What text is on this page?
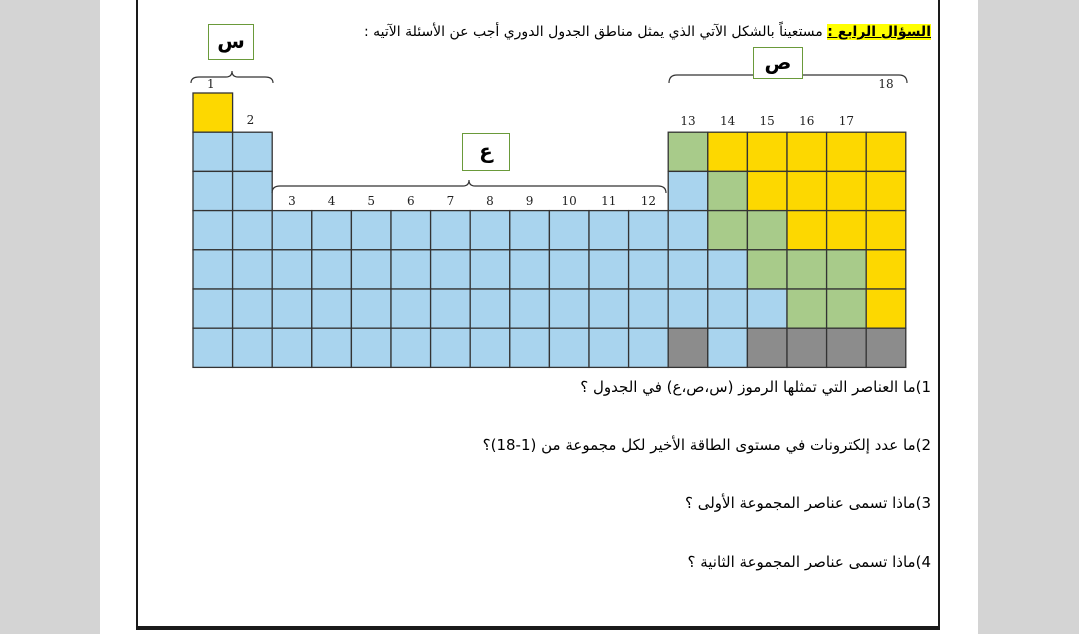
السؤال الرابع : مستعيناً بالشكل الآتي الذي يمثل مناطق الجدول الدوري أجب عن الأسئلة الآتيه :
1
2
3	4	5	6	7	8	9 10 11 12
13 14 15 16 17
18
س
ص
ع
1)ما العناصر التي تمثلها الرموز (س،ص،ع) في الجدول ؟
2)ما عدد إلكترونات في مستوى الطاقة الأخير لكل مجموعة من (1-18)؟
3)ماذا تسمى عناصر المجموعة الأولى ؟
4)ماذا تسمى عناصر المجموعة الثانية ؟
